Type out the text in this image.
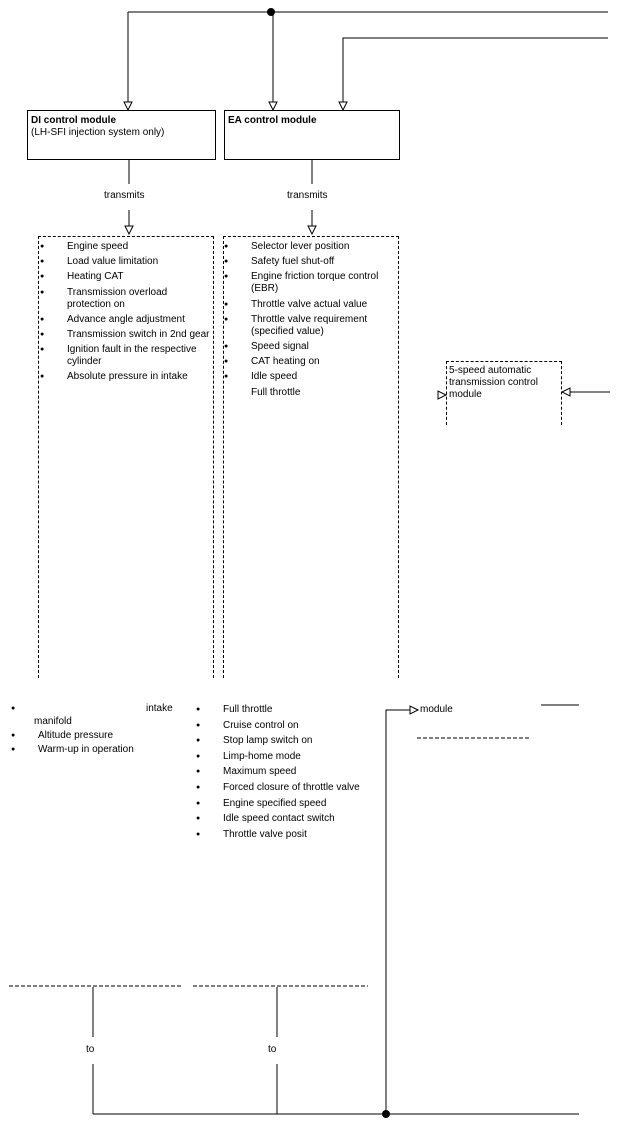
DI control module
(LH-SFI injection system only)
EA control module
transmits	transmits
● Engine speed
● Load value limitation
● Heating CAT
● Transmission overload protection on
● Advance angle adjustment
● Transmission switch in 2nd gear
● Ignition fault in the respective cylinder
● Absolute pressure in intake
● Selector lever position
● Safety fuel shut-off
● Engine friction torque control (EBR)
● Throttle valve actual value
● Throttle valve requirement (specified value)
● Speed signal
● CAT heating on
● Idle speed
Full throttle
5-speed automatic transmission control module
intake
●
manifold
● Altitude pressure
● Warm-up in operation
● Full throttle
● Cruise control on
● Stop lamp switch on
● Limp-home mode
● Maximum speed
● Forced closure of throttle valve
● Engine specified speed
● Idle speed contact switch
● Throttle valve posit
module
to	to
